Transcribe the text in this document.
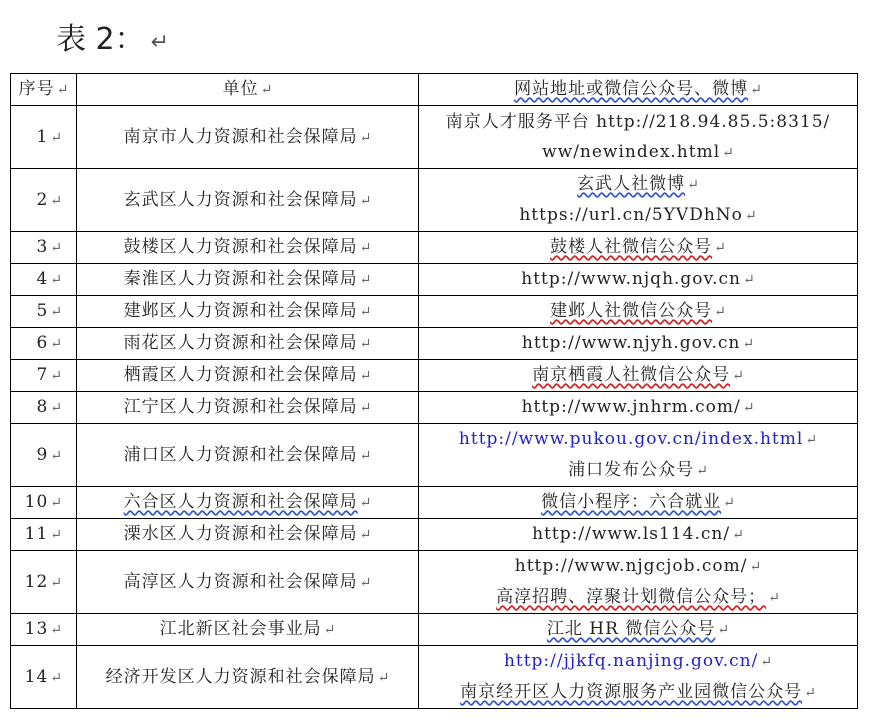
表 2： ↵
序号 ↵	单位 ↵	网站地址或微信公众号、微博 ↵
1 ↵	南京市人力资源和社会保障局 ↵	南京人才服务平台 http://218.94.85.5:8315/
ww/newindex.html ↵

2 ↵	玄武区人力资源和社会保障局 ↵	玄武人社微博 ↵
https://url.cn/5YVDhNo ↵

3 ↵	鼓楼区人力资源和社会保障局 ↵	鼓楼人社微信公众号 ↵
4 ↵	秦淮区人力资源和社会保障局 ↵	http://www.njqh.gov.cn ↵
5 ↵	建邺区人力资源和社会保障局 ↵	建邺人社微信公众号 ↵
6 ↵	雨花区人力资源和社会保障局 ↵	http://www.njyh.gov.cn ↵
7 ↵	栖霞区人力资源和社会保障局 ↵	南京栖霞人社微信公众号 ↵
8 ↵	江宁区人力资源和社会保障局 ↵	http://www.jnhrm.com/ ↵
9 ↵	浦口区人力资源和社会保障局 ↵	http://www.pukou.gov.cn/index.html ↵
浦口发布公众号 ↵

10 ↵	六合区人力资源和社会保障局 ↵	微信小程序：六合就业 ↵
11 ↵	溧水区人力资源和社会保障局 ↵	http://www.ls114.cn/ ↵
12 ↵	高淳区人力资源和社会保障局 ↵	http://www.njgcjob.com/ ↵
高淳招聘、淳聚计划微信公众号； ↵

13 ↵	江北新区社会事业局 ↵	江北 HR 微信公众号 ↵
14 ↵	经济开发区人力资源和社会保障局 ↵	http://jjkfq.nanjing.gov.cn/ ↵
南京经开区人力资源服务产业园微信公众号 ↵
